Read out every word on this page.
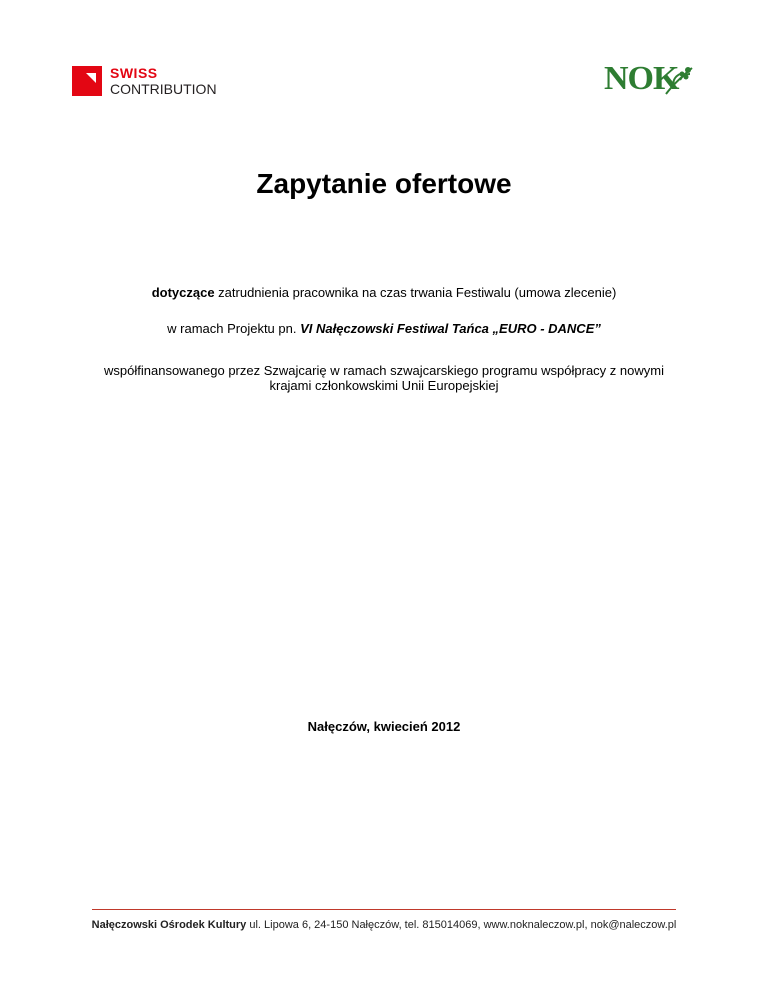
SWISS
CONTRIBUTION	NOK
Zapytanie ofertowe
dotyczące zatrudnienia pracownika na czas trwania Festiwalu (umowa zlecenie)
w ramach Projektu pn. VI Nałęczowski Festiwal Tańca „EURO - DANCE”
współfinansowanego przez Szwajcarię w ramach szwajcarskiego programu współpracy z nowymi
krajami członkowskimi Unii Europejskiej
Nałęczów, kwiecień 2012
Nałęczowski Ośrodek Kultury ul. Lipowa 6, 24-150 Nałęczów, tel. 815014069, www.noknaleczow.pl, nok@naleczow.pl
